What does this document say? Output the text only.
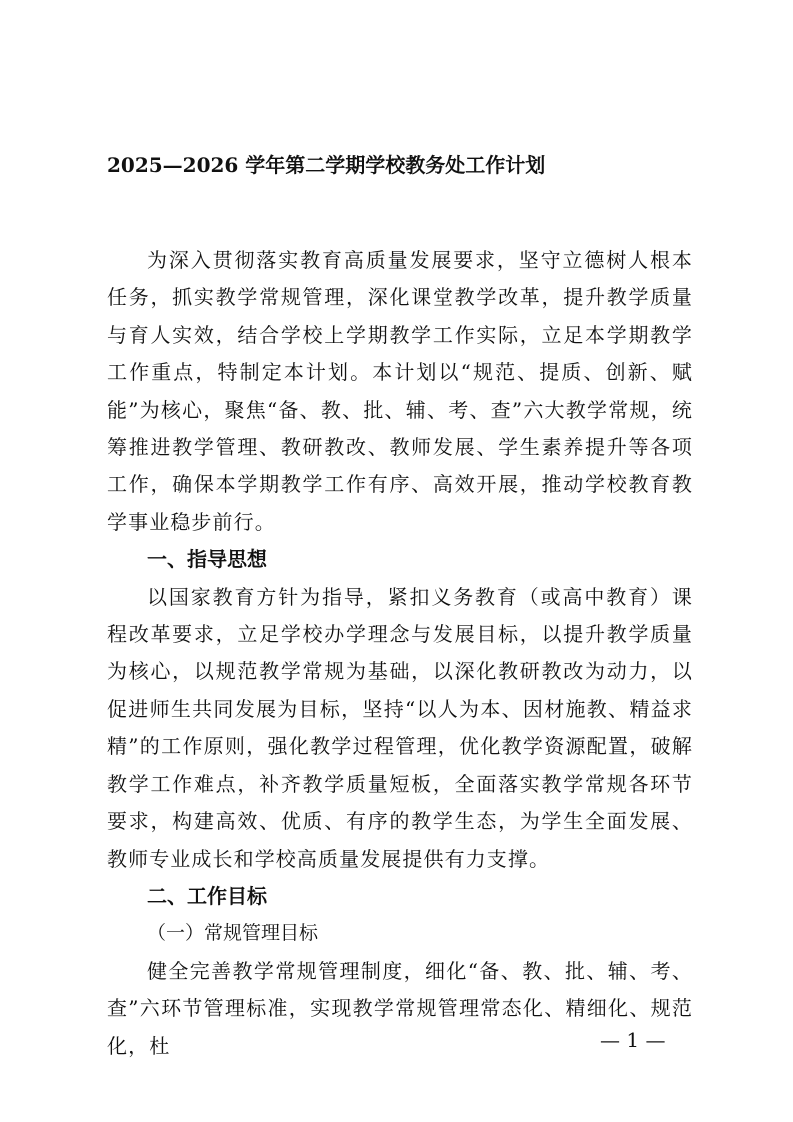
2025—2026 学年第二学期学校教务处工作计划

为深入贯彻落实教育高质量发展要求，坚守立德树人根本任务，抓实教学常规管理，深化课堂教学改革，提升教学质量与育人实效，结合学校上学期教学工作实际，立足本学期教学工作重点，特制定本计划。本计划以“规范、提质、创新、赋能”为核心，聚焦“备、教、批、辅、考、查”六大教学常规，统筹推进教学管理、教研教改、教师发展、学生素养提升等各项工作，确保本学期教学工作有序、高效开展，推动学校教育教学事业稳步前行。

一、指导思想

以国家教育方针为指导，紧扣义务教育（或高中教育）课程改革要求，立足学校办学理念与发展目标，以提升教学质量为核心，以规范教学常规为基础，以深化教研教改为动力，以促进师生共同发展为目标，坚持“以人为本、因材施教、精益求精”的工作原则，强化教学过程管理，优化教学资源配置，破解教学工作难点，补齐教学质量短板，全面落实教学常规各环节要求，构建高效、优质、有序的教学生态，为学生全面发展、教师专业成长和学校高质量发展提供有力支撑。

二、工作目标

（一）常规管理目标

健全完善教学常规管理制度，细化“备、教、批、辅、考、查”六环节管理标准，实现教学常规管理常态化、精细化、规范化，杜	— 1 —
